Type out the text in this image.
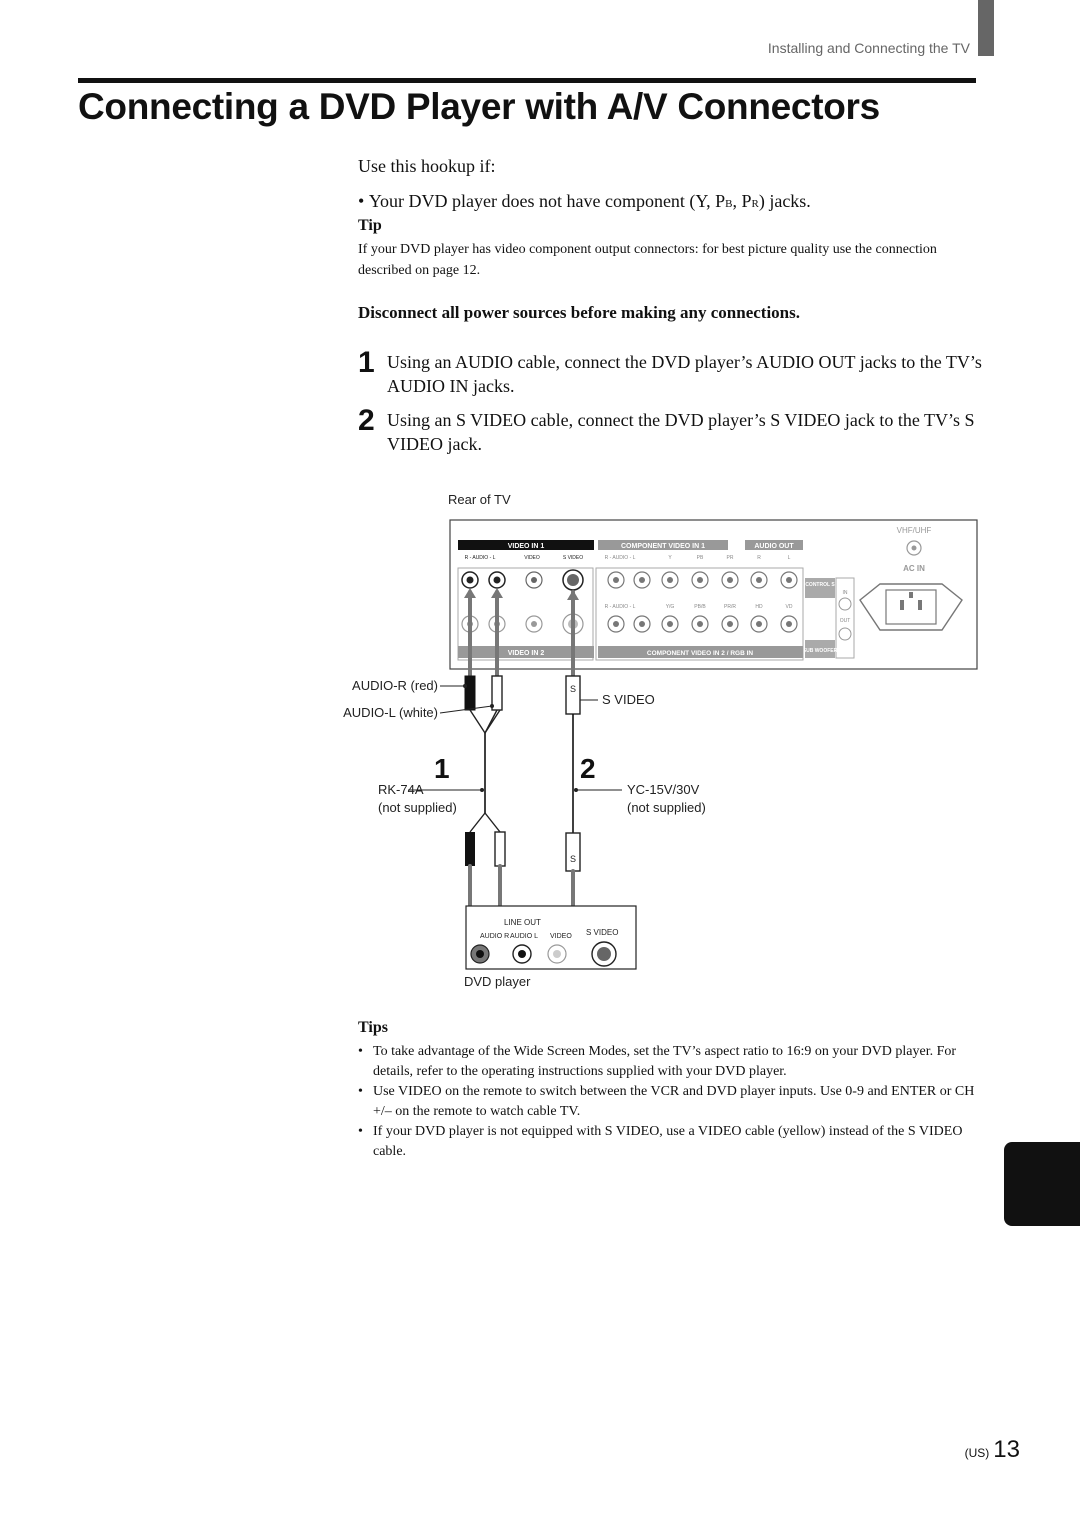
Installing and Connecting the TV
Connecting a DVD Player with A/V Connectors
Use this hookup if:
• Your DVD player does not have component (Y, PB, PR) jacks.
Tip
If your DVD player has video component output connectors: for best picture quality use the connection described on page 12.
Disconnect all power sources before making any connections.
1 Using an AUDIO cable, connect the DVD player’s AUDIO OUT jacks to the TV’s AUDIO IN jacks.
2 Using an S VIDEO cable, connect the DVD player’s S VIDEO jack to the TV’s S VIDEO jack.
Rear of TV
VIDEO IN 1
R - AUDIO - L	VIDEO	S VIDEO
COMPONENT VIDEO IN 1
R - AUDIO - L	Y	PB	PR
AUDIO OUT
R	L
VHF/UHF
AC IN
CONTROL S
IN
OUT
SUB WOOFER
R - AUDIO - L	Y/G	PB/B	PR/R	HD	VD
VIDEO IN 2	COMPONENT VIDEO IN 2 / RGB IN
S
AUDIO-R (red)
AUDIO-L (white)
S VIDEO
1	2
RK-74A
(not supplied)
YC-15V/30V
(not supplied)
S
LINE OUT
AUDIO R AUDIO L VIDEO S VIDEO
DVD player
Tips
• To take advantage of the Wide Screen Modes, set the TV’s aspect ratio to 16:9 on your DVD player. For details, refer to the operating instructions supplied with your DVD player.
• Use VIDEO on the remote to switch between the VCR and DVD player inputs. Use 0-9 and ENTER or CH +/– on the remote to watch cable TV.
• If your DVD player is not equipped with S VIDEO, use a VIDEO cable (yellow) instead of the S VIDEO cable.
(US) 13
